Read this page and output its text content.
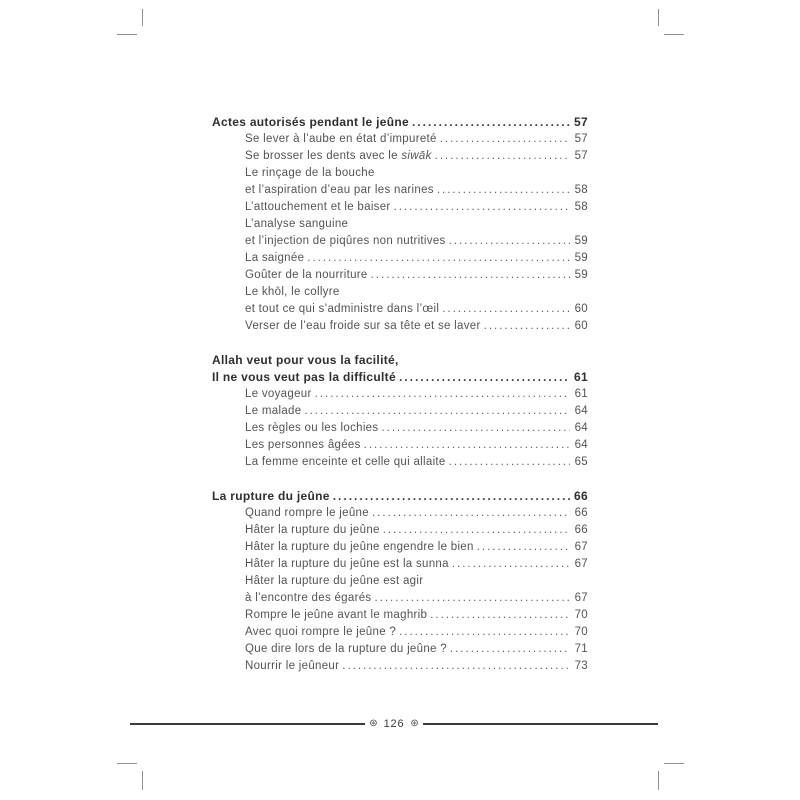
Actes autorisés pendant le jeûne .....	57
Se lever à l’aube en état d’impureté .....	57
Se brosser les dents avec le siwāk .....	57
Le rinçage de la bouche
et l’aspiration d’eau par les narines .....	58
L’attouchement et le baiser .....	58
L’analyse sanguine
et l’injection de piqûres non nutritives .....	59
La saignée .....	59
Goûter de la nourriture .....	59
Le khōl, le collyre
et tout ce qui s’administre dans l’œil .....	60
Verser de l’eau froide sur sa tête et se laver .....	60
Allah veut pour vous la facilité,
Il ne vous veut pas la difficulté .....	61
Le voyageur .....	61
Le malade .....	64
Les règles ou les lochies .....	64
Les personnes âgées .....	64
La femme enceinte et celle qui allaite .....	65
La rupture du jeûne .....	66
Quand rompre le jeûne .....	66
Hâter la rupture du jeûne .....	66
Hâter la rupture du jeûne engendre le bien .....	67
Hâter la rupture du jeûne est la sunna .....	67
Hâter la rupture du jeûne est agir
à l’encontre des égarés .....	67
Rompre le jeûne avant le maghrib .....	70
Avec quoi rompre le jeûne ? .....	70
Que dire lors de la rupture du jeûne ? .....	71
Nourrir le jeûneur .....	73
⊛ 126 ⊛
